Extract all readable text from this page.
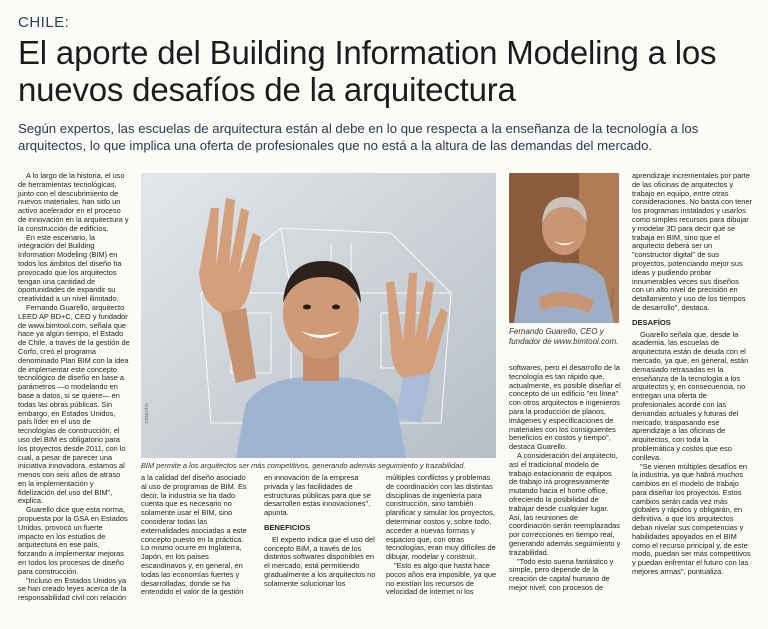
CHILE:
El aporte del Building Information Modeling a los nuevos desafíos de la arquitectura
Según expertos, las escuelas de arquitectura están al debe en lo que respecta a la enseñanza de la tecnología a los arquitectos, lo que implica una oferta de profesionales que no está a la altura de las demandas del mercado.

A lo largo de la historia, el uso de herramientas tecnológicas, junto con el descubrimiento de nuevos materiales, han sido un activo acelerador en el proceso de innovación en la arquitectura y la construcción de edificios.

En este escenario, la integración del Building Information Modeling (BIM) en todos los ámbitos del diseño ha provocado que los arquitectos tengan una cantidad de oportunidades de expandir su creatividad a un nivel ilimitado.

Fernando Guarello, arquitecto LEED AP BD+C, CEO y fundador de www.bimtool.com, señala que hace ya algún tiempo, el Estado de Chile, a través de la gestión de Corfo, creó el programa denominado Plan BIM con la idea de implementar este concepto tecnológico de diseño en base a parámetros —o modelando en base a datos, si se quiere— en todas las obras públicas. Sin embargo, en Estados Unidos, país líder en el uso de tecnologías de construcción, el uso del BIM es obligatorio para los proyectos desde 2011, con lo cual, a pesar de parecer una iniciativa innovadora, estamos al menos con seis años de atraso en la implementación y fidelización del uso del BIM", explica.

Guarello dice que esta norma, propuesta por la GSA en Estados Unidos, provocó un fuerte impacto en los estudios de arquitectura en ese país, forzando a implementar mejoras en todos los procesos de diseño para construcción.

"Incluso en Estados Unidos ya se han creado leyes acerca de la responsabilidad civil con relación

DEMOTIA
BIM permite a los arquitectos ser más competitivos, generando además seguimiento y trazabilidad.
BIMTOOL
Fernando Guarello, CEO y fundador de www.bimtool.com.

a la calidad del diseño asociado al uso de programas de BIM. Es decir, la industria se ha dado cuenta que es necesario no solamente usar el BIM, sino considerar todas las externalidades asociadas a este concepto puesto en la práctica. Lo mismo ocurre en Inglaterra, Japón, en los países escandinavos y, en general, en todas las economías fuertes y desarrolladas, donde se ha entendido el valor de la gestión

en innovación de la empresa privada y las facilidades de estructuras públicas para que se desarrollen estas innovaciones", apunta.

BENEFICIOS

El experto indica que el uso del concepto BIM, a través de los distintos softwares disponibles en el mercado, está permitiendo gradualmente a los arquitectos no solamente solucionar los

múltiples conflictos y problemas de coordinación con las distintas disciplinas de ingeniería para construcción, sino también planificar y simular los proyectos, determinar costos y, sobre todo, acceder a nuevas formas y espacios que, con otras tecnologías, eran muy difíciles de dibujar, modelar y construir.

"Esto es algo que hasta hace pocos años era imposible, ya que no existían los recursos de velocidad de internet ni los

softwares, pero el desarrollo de la tecnología es tan rápido que, actualmente, es posible diseñar el concepto de un edificio "en línea" con otros arquitectos e ingenieros para la producción de planos, imágenes y especificaciones de materiales con los consiguientes beneficios en costos y tiempo", destaca Guarello.

A consideración del arquitecto, así el tradicional modelo de trabajo estacionario de equipos de trabajo irá progresivamente mutando hacia el home office, ofreciendo la posibilidad de trabajar desde cualquier lugar. Así, las reuniones de coordinación serán reemplazadas por correcciones en tiempo real, generando además seguimiento y trazabilidad.

"Todo esto suena fantástico y simple, pero depende de la creación de capital humano de mejor nivel, con procesos de

aprendizaje incrementales por parte de las oficinas de arquitectos y trabajo en equipo, entre otras consideraciones. No basta con tener los programas instalados y usarlos como simples recursos para dibujar y modelar 3D para decir que se trabaja en BIM, sino que el arquitecto deberá ser un "constructor digital" de sus proyectos, potenciando mejor sus ideas y pudiendo probar innumerables veces sus diseños con un alto nivel de precisión en detallamiento y uso de los tiempos de desarrollo", destaca.

DESAFÍOS

Guarello señala que, desde la academia, las escuelas de arquitectura están de deuda con el mercado, ya que, en general, están demasiado retrasadas en la enseñanza de la tecnología a los arquitectos y, en consecuencia, no entregan una oferta de profesionales acorde con las demandas actuales y futuras del mercado, traspasando ese aprendizaje a las oficinas de arquitectos, con toda la problemática y costos que eso conlleva.

"Se vienen múltiples desafíos en la industria, ya que habrá muchos cambios en el modelo de trabajo para diseñar los proyectos. Estos cambios serán cada vez más globales y rápidos y obligarán, en definitiva, a que los arquitectos deban nivelar sus competencias y habilidades apoyados en el BIM como el recurso principal y, de este modo, puedan ser más competitivos y puedan enfrentar el futuro con las mejores armas", puntualiza.
